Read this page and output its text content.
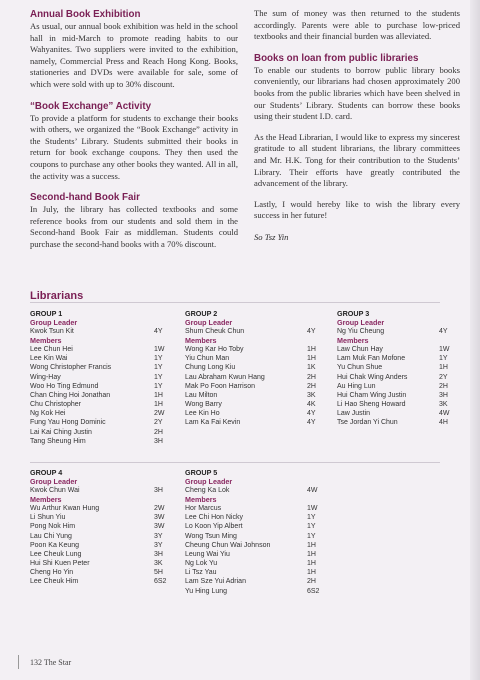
Annual Book Exhibition

As usual, our annual book exhibition was held in the school hall in mid-March to promote reading habits to our Wahyanites. Two suppliers were invited to the exhibition, namely, Commercial Press and Reach Hong Kong. Books, stationeries and DVDs were available for sale, some of which were sold with up to 30% discount.

“Book Exchange” Activity

To provide a platform for students to exchange their books with others, we organized the “Book Exchange” activity in the Students’ Library. Students submitted their books in return for book exchange coupons. They then used the coupons to purchase any other books they wanted. All in all, the activity was a success.

Second-hand Book Fair

In July, the library has collected textbooks and some reference books from our students and sold them in the Second-hand Book Fair as middleman. Students could purchase the second-hand books with a 70% discount.

The sum of money was then returned to the students accordingly. Parents were able to purchase low-priced textbooks and their financial burden was alleviated.

Books on loan from public libraries

To enable our students to borrow public library books conveniently, our librarians had chosen approximately 200 books from the public libraries which have been shelved in our Students’ Library. Students can borrow these books using their student I.D. card.

As the Head Librarian, I would like to express my sincerest gratitude to all student librarians, the library committees and Mr. H.K. Tong for their contribution to the Students’ Library. Their efforts have greatly contributed the advancement of the library.

Lastly, I would hereby like to wish the library every success in her future!

So Tsz Yin

Librarians
GROUP 1
Group Leader
Kwok Tsun Kit	4Y
Members
Lee Chun Hei	1W
Lee Kin Wai	1Y
Wong Christopher Francis	1Y
Wing-Hay	1Y
Woo Ho Ting Edmund	1Y
Chan Ching Hoi Jonathan	1H
Chu Christopher	1H
Ng Kok Hei	2W
Fung Yau Hong Dominic	2Y
Lai Kai Ching Justin	2H
Tang Sheung Him	3H
GROUP 2
Group Leader
Shum Cheuk Chun	4Y
Members
Wong Kar Ho Toby	1H
Yiu Chun Man	1H
Chung Long Kiu	1K
Lau Abraham Kwun Hang	2H
Mak Po Foon Harrison	2H
Lau Milton	3K
Wong Barry	4K
Lee Kin Ho	4Y
Lam Ka Fai Kevin	4Y
GROUP 3
Group Leader
Ng Yiu Cheung	4Y
Members
Law Chun Hay	1W
Lam Muk Fan Mofone	1Y
Yu Chun Shue	1H
Hui Chak Wing Anders	2Y
Au Hing Lun	2H
Hui Cham Wing Justin	3H
Li Hao Sheng Howard	3K
Law Justin	4W
Tse Jordan Yi Chun	4H
GROUP 4
Group Leader
Kwok Chun Wai	3H
Members
Wu Arthur Kwan Hung	2W
Li Shun Yiu	3W
Pong Nok Him	3W
Lau Chi Yung	3Y
Poon Ka Keung	3Y
Lee Cheuk Lung	3H
Hui Shi Kuen Peter	3K
Cheng Ho Yin	5H
Lee Cheuk Him	6S2
GROUP 5
Group Leader
Cheng Ka Lok	4W
Members
Hor Marcus	1W
Lee Chi Hon Nicky	1Y
Lo Koon Yip Albert	1Y
Wong Tsun Ming	1Y
Cheung Chun Wai Johnson	1H
Leung Wai Yiu	1H
Ng Lok Yu	1H
Li Tsz Yau	1H
Lam Sze Yui Adrian	2H
Yu Hing Lung	6S2
132 The Star
